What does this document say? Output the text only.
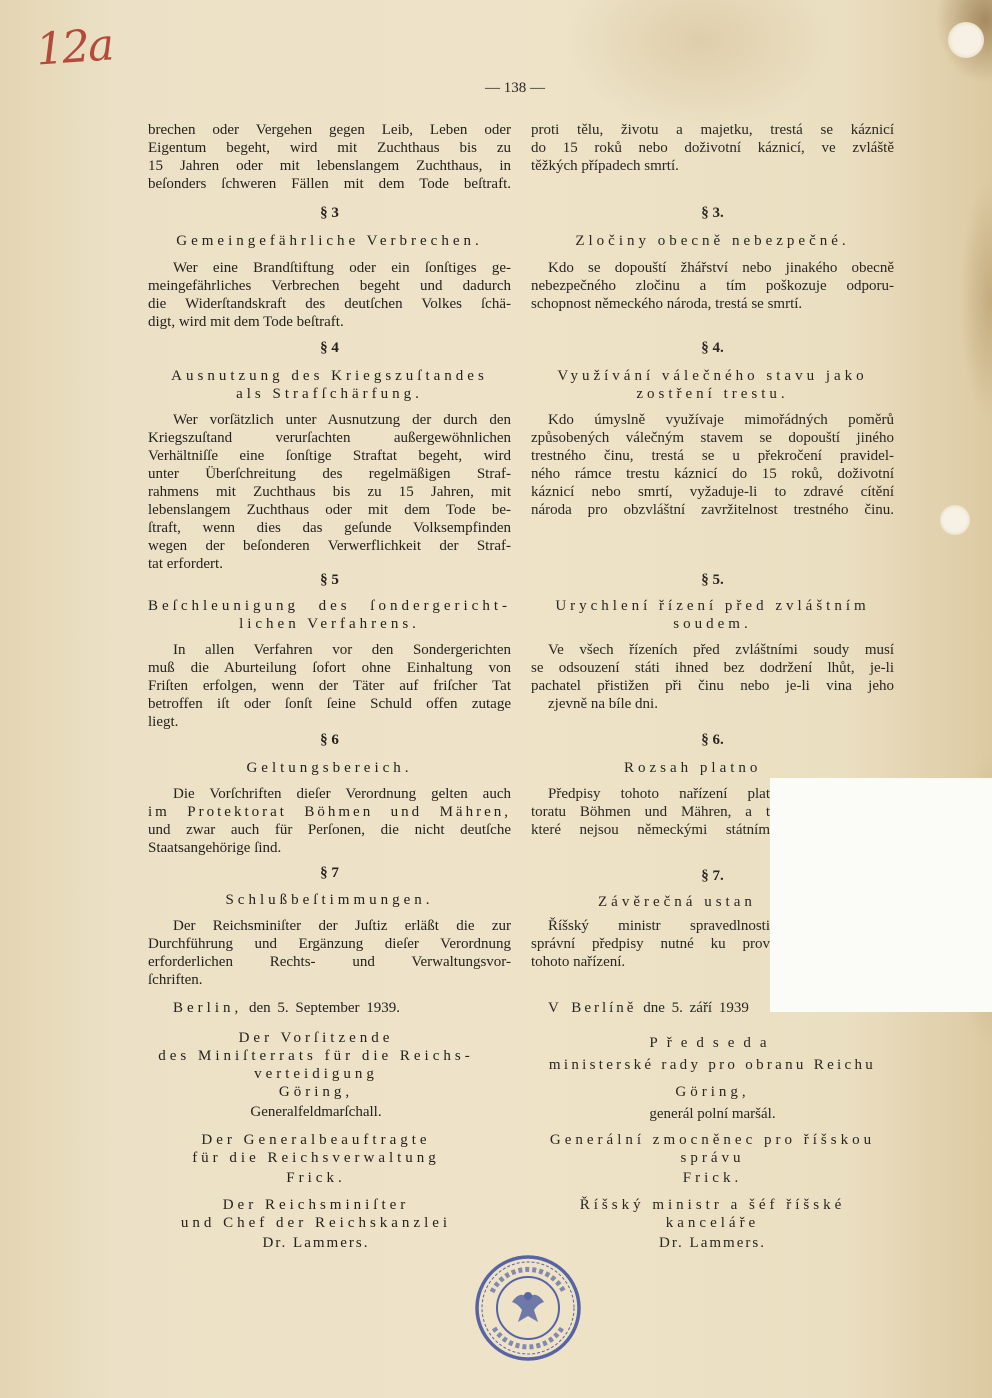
12a
— 138 —
brechen oder Vergehen gegen Leib, Leben oder
Eigentum begeht, wird mit Zuchthaus bis zu
15 Jahren oder mit lebenslangem Zuchthaus, in
beſonders ſchweren Fällen mit dem Tode beſtraft.
§ 3
Gemeingefährliche Verbrechen.
Wer eine Brandſtiftung oder ein ſonſtiges ge-
meingefährliches Verbrechen begeht und dadurch
die Widerſtandskraft des deutſchen Volkes ſchä-
digt, wird mit dem Tode beſtraft.
§ 4
Ausnutzung des Kriegszuſtandes
als Strafſchärfung.
Wer vorſätzlich unter Ausnutzung der durch den
Kriegszuſtand verurſachten außergewöhnlichen
Verhältniſſe eine ſonſtige Straftat begeht, wird
unter Überſchreitung des regelmäßigen Straf-
rahmens mit Zuchthaus bis zu 15 Jahren, mit
lebenslangem Zuchthaus oder mit dem Tode be-
ſtraft, wenn dies das geſunde Volksempfinden
wegen der beſonderen Verwerflichkeit der Straf-
tat erfordert.
§ 5
Beſchleunigung des ſondergericht-
lichen Verfahrens.
In allen Verfahren vor den Sondergerichten
muß die Aburteilung ſofort ohne Einhaltung von
Friſten erfolgen, wenn der Täter auf friſcher Tat
betroffen iſt oder ſonſt ſeine Schuld offen zutage
liegt.
§ 6
Geltungsbereich.
Die Vorſchriften dieſer Verordnung gelten auch
im Protektorat Böhmen und Mähren,
und zwar auch für Perſonen, die nicht deutſche
Staatsangehörige ſind.
§ 7
Schlußbeſtimmungen.
Der Reichsminiſter der Juſtiz erläßt die zur
Durchführung und Ergänzung dieſer Verordnung
erforderlichen Rechts- und Verwaltungsvor-
ſchriften.
Berlin, den 5. September 1939.
Der Vorſitzende
des Miniſterrats für die Reichs-
verteidigung
Göring,
Generalfeldmarſchall.
Der Generalbeauftragte
für die Reichsverwaltung
Frick.
Der Reichsminiſter
und Chef der Reichskanzlei
Dr. Lammers.
proti tělu, životu a majetku, trestá se káznicí
do 15 roků nebo doživotní káznicí, ve zvláště
těžkých případech smrtí.
§ 3.
Zločiny obecně nebezpečné.
Kdo se dopouští žhářství nebo jinakého obecně
nebezpečného zločinu a tím poškozuje odporu-
schopnost německého národa, trestá se smrtí.
§ 4.
Využívání válečného stavu jako
zostření trestu.
Kdo úmyslně využívaje mimořádných poměrů
způsobených válečným stavem se dopouští jiného
trestného činu, trestá se u překročení pravidel-
ného rámce trestu káznicí do 15 roků, doživotní
káznicí nebo smrtí, vyžaduje-li to zdravé cítění
národa pro obzvláštní zavržitelnost trestného činu.
§ 5.
Urychlení řízení před zvláštním
soudem.
Ve všech řízeních před zvláštními soudy musí
se odsouzení státi ihned bez dodržení lhůt, je-li
pachatel přistižen při činu nebo je-li vina jeho
zjevně na bíle dni.
§ 6.
Rozsah platno
Předpisy tohoto nařízení plat
toratu Böhmen und Mähren, a t
které nejsou německými státním
§ 7.
Závěrečná ustan
Říšský ministr spravedlnosti
správní předpisy nutné ku prov
tohoto nařízení.
V Berlíně dne 5. září 1939
Předseda
ministerské rady pro obranu Reichu
Göring,
generál polní maršál.
Generální zmocněnec pro říšskou
správu
Frick.
Říšský ministr a šéf říšské
kanceláře
Dr. Lammers.
